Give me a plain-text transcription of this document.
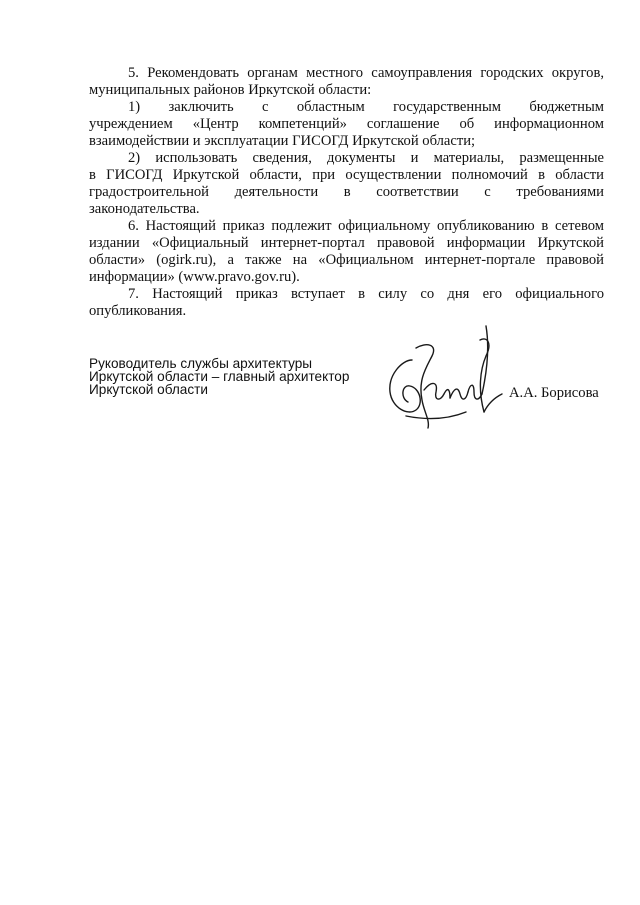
5. Рекомендовать органам местного самоуправления городских округов,
муниципальных районов Иркутской области:
1) заключить с областным государственным бюджетным
учреждением «Центр компетенций» соглашение об информационном
взаимодействии и эксплуатации ГИСОГД Иркутской области;
2) использовать сведения, документы и материалы, размещенные
в ГИСОГД Иркутской области, при осуществлении полномочий в области
градостроительной деятельности в соответствии с требованиями
законодательства.
6. Настоящий приказ подлежит официальному опубликованию в сетевом
издании «Официальный интернет-портал правовой информации Иркутской
области» (ogirk.ru), а также на «Официальном интернет-портале правовой
информации» (www.pravo.gov.ru).
7. Настоящий приказ вступает в силу со дня его официального
опубликования.
Руководитель службы архитектуры
Иркутской области – главный архитектор
Иркутской области	А.А. Борисова
